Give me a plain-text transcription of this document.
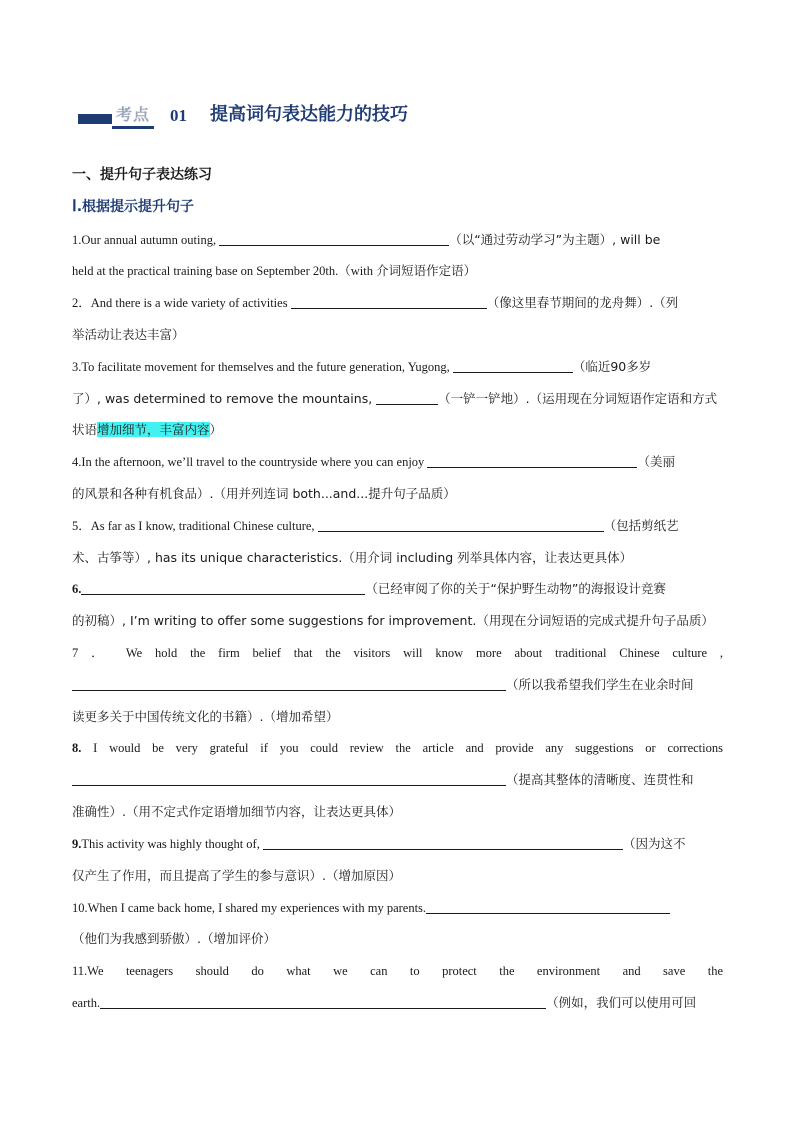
考点 01 提高词句表达能力的技巧
一、提升句子表达练习
Ⅰ.根据提示提升句子
1.Our annual autumn outing,	（以“通过劳动学习”为主题）, will be
held at the practical training base on September 20th.（with 介词短语作定语）
2．And there is a wide variety of activities	（像这里春节期间的龙舟舞）.（列
举活动让表达丰富）
3.To facilitate movement for themselves and the future generation, Yugong,	（临近90多岁
了）, was determined to remove the mountains,	（一铲一铲地）.（运用现在分词短语作定语和方式
状语增加细节，丰富内容）
4.In the afternoon, we’ll travel to the countryside where you can enjoy	（美丽
的风景和各种有机食品）.（用并列连词 both...and...提升句子品质）
5．As far as I know, traditional Chinese culture,	（包括剪纸艺
术、古筝等）, has its unique characteristics.（用介词 including 列举具体内容，让表达更具体）
6.	（已经审阅了你的关于“保护野生动物”的海报设计竞赛
的初稿）, I’m writing to offer some suggestions for improvement.（用现在分词短语的完成式提升句子品质）
7 ． We hold the firm belief that the visitors will know more about traditional Chinese culture ,
（所以我希望我们学生在业余时间
读更多关于中国传统文化的书籍）.（增加希望）
8. I would be very grateful if you could review the article and provide any suggestions or corrections
（提高其整体的清晰度、连贯性和
准确性）.（用不定式作定语增加细节内容，让表达更具体）
9.This activity was highly thought of,	（因为这不
仅产生了作用，而且提高了学生的参与意识）.（增加原因）
10.When I came back home, I shared my experiences with my parents.
（他们为我感到骄傲）.（增加评价）
11.We teenagers should do what we can to protect the environment and save the
earth.	（例如，我们可以使用可回
